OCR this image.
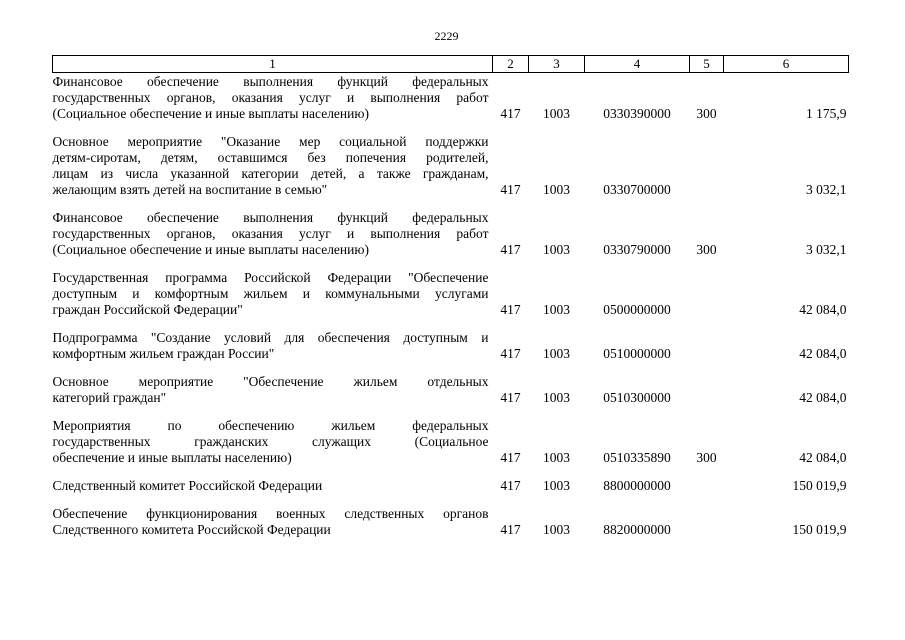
2229
1	2	3	4	5	6

Финансовое обеспечение выполнения функций федеральных
государственных органов, оказания услуг и выполнения работ
(Социальное обеспечение и иные выплаты населению)	417	1003	0330390000	300	1 175,9

Основное мероприятие "Оказание мер социальной поддержки
детям-сиротам, детям, оставшимся без попечения родителей,
лицам из числа указанной категории детей, а также гражданам,
желающим взять детей на воспитание в семью"	417	1003	0330700000		3 032,1

Финансовое обеспечение выполнения функций федеральных
государственных органов, оказания услуг и выполнения работ
(Социальное обеспечение и иные выплаты населению)	417	1003	0330790000	300	3 032,1

Государственная программа Российской Федерации "Обеспечение
доступным и комфортным жильем и коммунальными услугами
граждан Российской Федерации"	417	1003	0500000000		42 084,0

Подпрограмма "Создание условий для обеспечения доступным и
комфортным жильем граждан России"	417	1003	0510000000		42 084,0

Основное мероприятие "Обеспечение жильем отдельных
категорий граждан"	417	1003	0510300000		42 084,0

Мероприятия по обеспечению жильем федеральных
государственных гражданских служащих (Социальное
обеспечение и иные выплаты населению)	417	1003	0510335890	300	42 084,0

Следственный комитет Российской Федерации	417	1003	8800000000		150 019,9

Обеспечение функционирования военных следственных органов
Следственного комитета Российской Федерации	417	1003	8820000000		150 019,9
